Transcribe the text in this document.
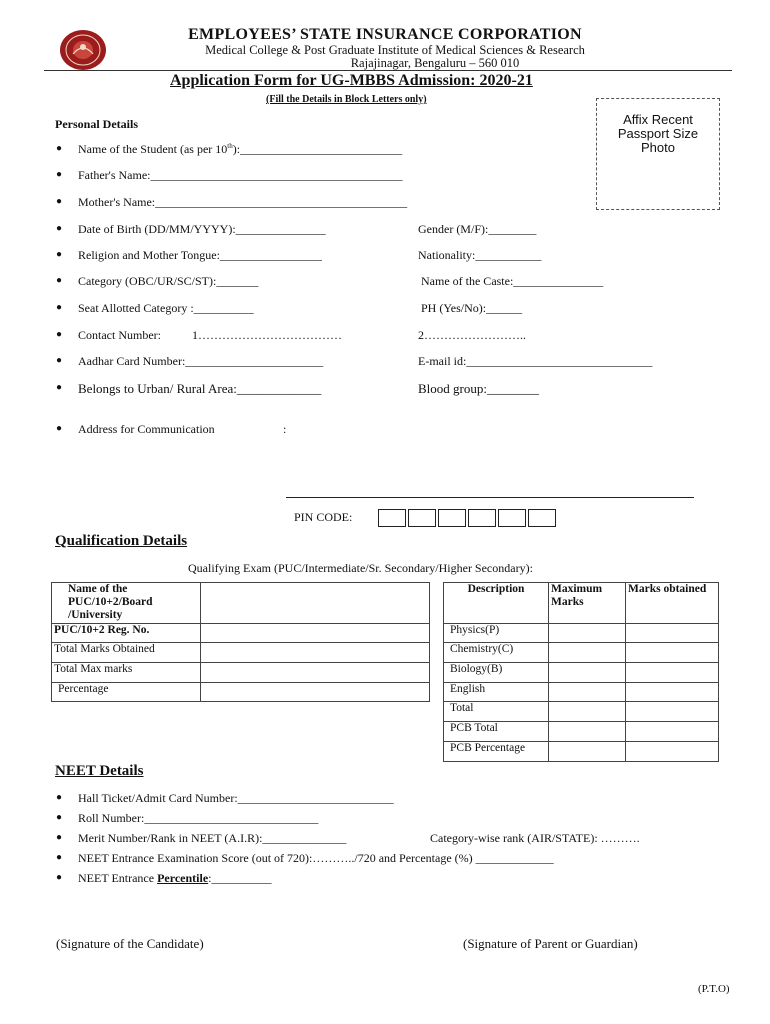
EMPLOYEES’ STATE INSURANCE CORPORATION
Medical College & Post Graduate Institute of Medical Sciences & Research
Rajajinagar, Bengaluru – 560 010
Application Form for UG-MBBS Admission: 2020-21
(Fill the Details in Block Letters only)
Affix Recent
Passport Size
Photo
Personal Details
● Name of the Student (as per 10th):___________________________
● Father's Name:__________________________________________
● Mother's Name:__________________________________________
● Date of Birth (DD/MM/YYYY):_______________	Gender (M/F):________
● Religion and Mother Tongue:_________________	Nationality:___________
● Category (OBC/UR/SC/ST):_______	Name of the Caste:_______________
● Seat Allotted Category :__________	PH (Yes/No):______
● Contact Number:	1………………………………	2……………………..
● Aadhar Card Number:_______________________	E-mail id:_______________________________
● Belongs to Urban/ Rural Area:_____________	Blood group:________
● Address for Communication	:
PIN CODE:
Qualification Details
Qualifying Exam (PUC/Intermediate/Sr. Secondary/Higher Secondary):
Name of the PUC/10+2/Board /University	
PUC/10+2 Reg. No.	
Total Marks Obtained	
Total Max marks	
Percentage	
Description	Maximum Marks	Marks obtained
Physics(P)		
Chemistry(C)		
Biology(B)		
English		
Total		
PCB Total		
PCB Percentage		
NEET Details
● Hall Ticket/Admit Card Number:__________________________
● Roll Number:_____________________________
● Merit Number/Rank in NEET (A.I.R):______________	Category-wise rank (AIR/STATE): ……….
● NEET Entrance Examination Score (out of 720):………../720 and Percentage (%) _____________
● NEET Entrance Percentile:__________
(Signature of the Candidate)	(Signature of Parent or Guardian)
(P.T.O)
